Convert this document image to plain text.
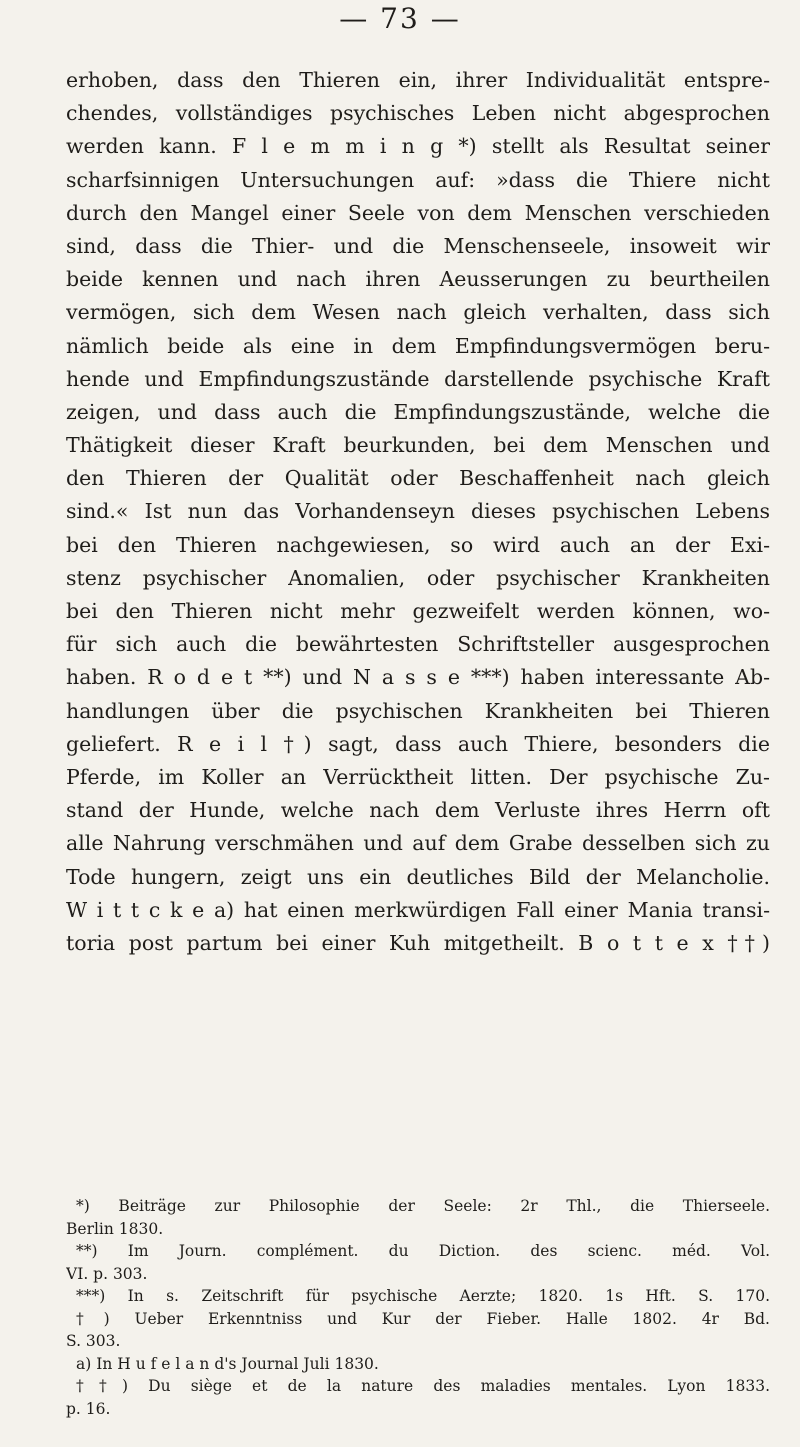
— 73 —
erhoben, dass den Thieren ein, ihrer Individualität entspre-
chendes, vollständiges psychisches Leben nicht abgesprochen
werden kann. F l e m m i n g *) stellt als Resultat seiner
scharfsinnigen Untersuchungen auf: »dass die Thiere nicht
durch den Mangel einer Seele von dem Menschen verschieden
sind, dass die Thier- und die Menschenseele, insoweit wir
beide kennen und nach ihren Aeusserungen zu beurtheilen
vermögen, sich dem Wesen nach gleich verhalten, dass sich
nämlich beide als eine in dem Empfindungsvermögen beru-
hende und Empfindungszustände darstellende psychische Kraft
zeigen, und dass auch die Empfindungszustände, welche die
Thätigkeit dieser Kraft beurkunden, bei dem Menschen und
den Thieren der Qualität oder Beschaffenheit nach gleich
sind.« Ist nun das Vorhandenseyn dieses psychischen Lebens
bei den Thieren nachgewiesen, so wird auch an der Exi-
stenz psychischer Anomalien, oder psychischer Krankheiten
bei den Thieren nicht mehr gezweifelt werden können, wo-
für sich auch die bewährtesten Schriftsteller ausgesprochen
haben. R o d e t **) und N a s s e ***) haben interessante Ab-
handlungen über die psychischen Krankheiten bei Thieren
geliefert. R e i l †) sagt, dass auch Thiere, besonders die
Pferde, im Koller an Verrücktheit litten. Der psychische Zu-
stand der Hunde, welche nach dem Verluste ihres Herrn oft
alle Nahrung verschmähen und auf dem Grabe desselben sich zu
Tode hungern, zeigt uns ein deutliches Bild der Melancholie.
W i t t c k e a) hat einen merkwürdigen Fall einer Mania transi-
toria post partum bei einer Kuh mitgetheilt. B o t t e x ††)
*) Beiträge zur Philosophie der Seele: 2r Thl., die Thierseele.
Berlin 1830.
**) Im Journ. complément. du Diction. des scienc. méd. Vol.
VI. p. 303.
***) In s. Zeitschrift für psychische Aerzte; 1820. 1s Hft. S. 170.
†) Ueber Erkenntniss und Kur der Fieber. Halle 1802. 4r Bd.
S. 303.
a) In H u f e l a n d's Journal Juli 1830.
††) Du siège et de la nature des maladies mentales. Lyon 1833.
p. 16.
